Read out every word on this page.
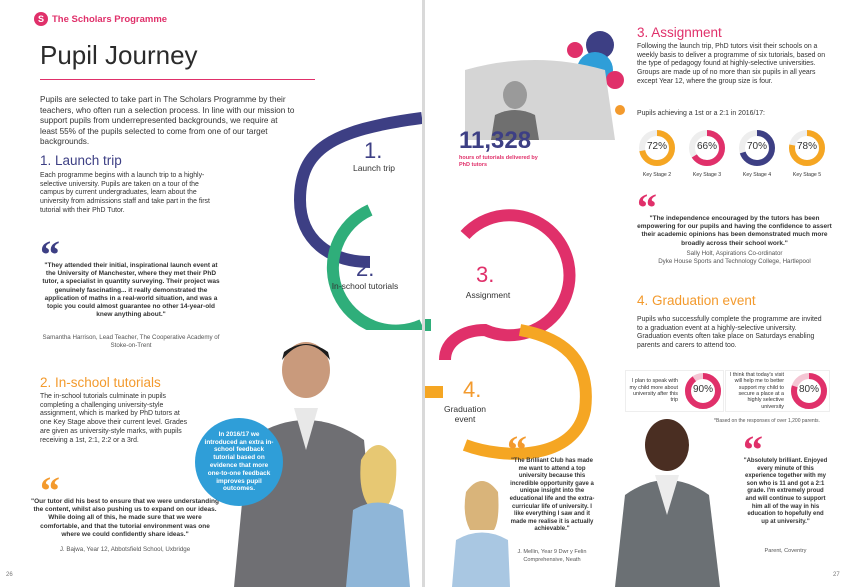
S The Scholars Programme
Pupil Journey

Pupils are selected to take part in The Scholars Programme by their teachers, who often run a selection process. In line with our mission to support pupils from underrepresented backgrounds, we require at least 55% of the pupils selected to come from one of our target backgrounds.	1.
Launch trip
2.
In-school tutorials
1. Launch trip

Each programme begins with a launch trip to a highly-selective university. Pupils are taken on a tour of the campus by current undergraduates, learn about the university from admissions staff and take part in the first tutorial with their PhD Tutor.

“

"They attended their initial, inspirational launch event at the University of Manchester, where they met their PhD tutor, a specialist in quantity surveying. Their project was genuinely fascinating... it really demonstrated the application of maths in a real-world situation, and was a topic you could almost guarantee no other 14-year-old knew anything about."

Samantha Harrison, Lead Teacher, The Cooperative Academy of Stoke-on-Trent

2. In-school tutorials

The in-school tutorials culminate in pupils completing a challenging university-style assignment, which is marked by PhD tutors at one Key Stage above their current level. Grades are given as university-style marks, with pupils receiving a 1st, 2:1, 2:2 or a 3rd.

“

"Our tutor did his best to ensure that we were understanding the content, whilst also pushing us to expand on our ideas. While doing all of this, he made sure that we were comfortable, and that the tutorial environment was one where we could confidently share ideas."

J. Bajwa, Year 12, Abbotsfield School, Uxbridge

In 2016/17 we introduced an extra in-school feedback tutorial based on evidence that more one-to-one feedback improves pupil outcomes.
26
11,328
hours of tutorials delivered by PhD tutors
3.
Assignment
4.
Graduation event
3. Assignment

Following the launch trip, PhD tutors visit their schools on a weekly basis to deliver a programme of six tutorials, based on the type of pedagogy found at highly-selective universities. Groups are made up of no more than six pupils in all years except Year 12, where the group size is four.

Pupils achieving a 1st or a 2:1 in 2016/17:

“

"The independence encouraged by the tutors has been empowering for our pupils and having the confidence to assert their academic opinions has been demonstrated much more broadly across their school work."

Sally Holt, Aspirations Co-ordinator

Dyke House Sports and Technology College, Hartlepool

4. Graduation event

Pupils who successfully complete the programme are invited to a graduation event at a highly-selective university. Graduation events often take place on Saturdays enabling parents and carers to attend too.

I plan to speak with my child more about university after this trip
90%
I think that today's visit will help me to better support my child to secure a place at a highly selective university
80%

*Based on the responses of over 1,200 parents.

“

"The Brilliant Club has made me want to attend a top university because this incredible opportunity gave a unique insight into the educational life and the extra-curricular life of university. I like everything I saw and it made me realise it is actually achievable."

J. Mellin, Year 9 Dwr y Felin Comprehensive, Neath

“

"Absolutely brilliant. Enjoyed every minute of this experience together with my son who is 11 and got a 2:1 grade. I'm extremely proud and will continue to support him all of the way in his education to hopefully end up at university."

Parent, Coventry

27
72%
Key Stage 2
66%
Key Stage 3
70%
Key Stage 4
78%
Key Stage 5
